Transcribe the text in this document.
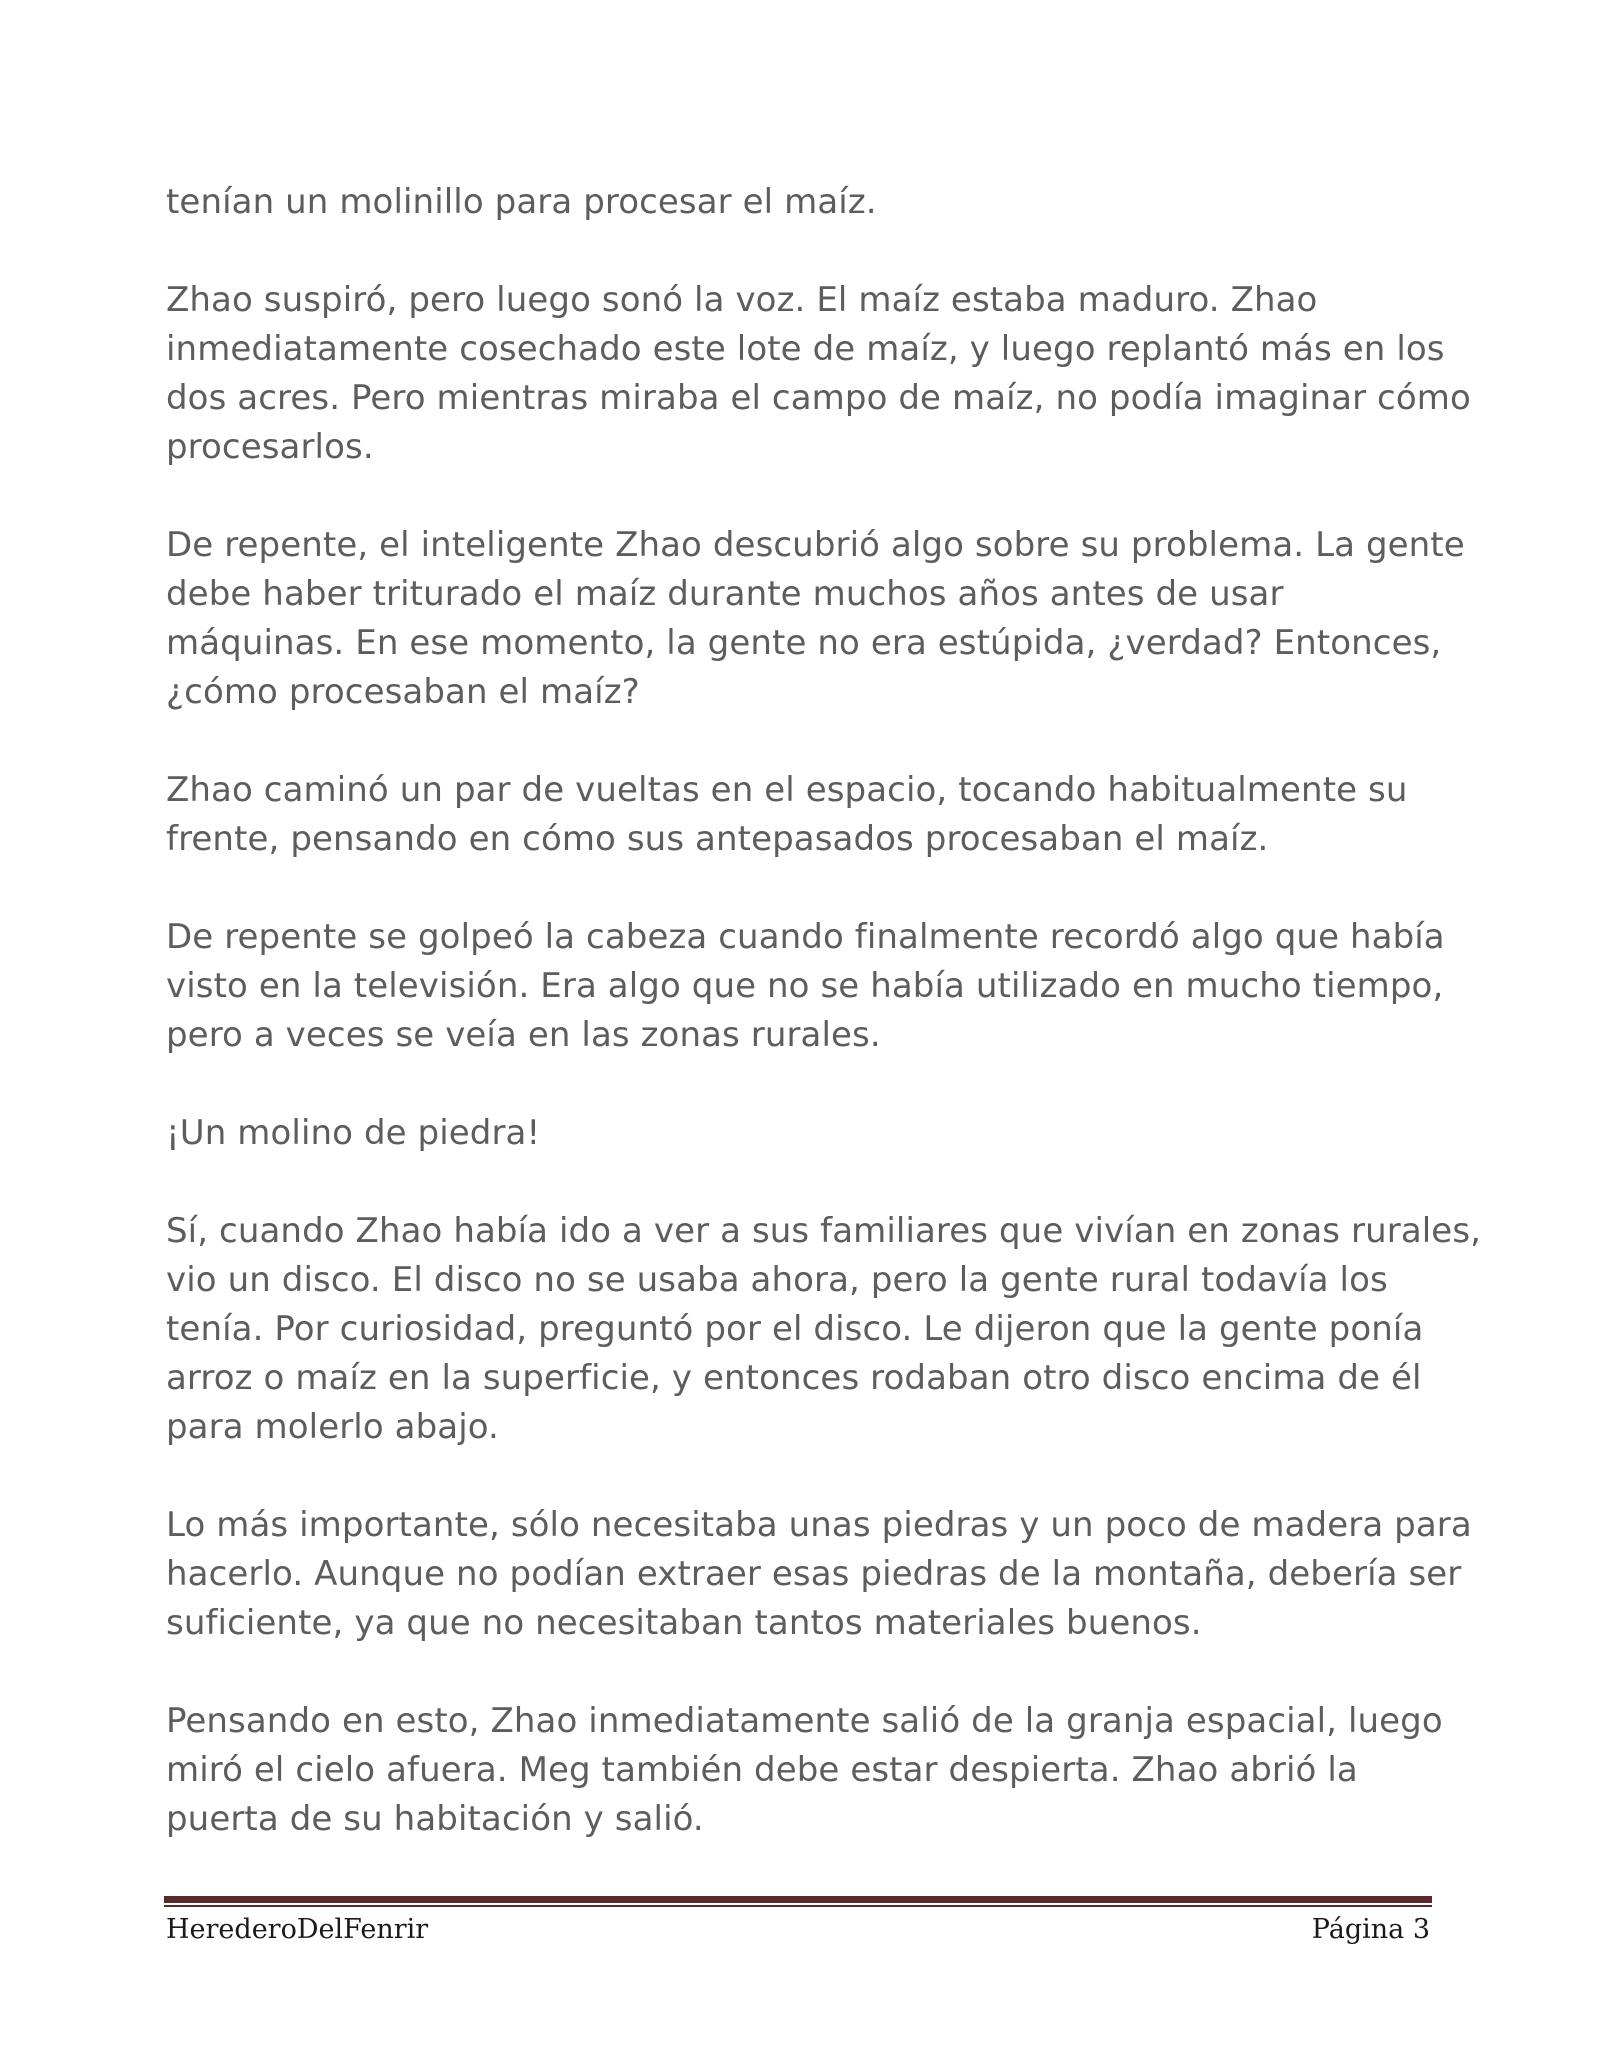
tenían un molinillo para procesar el maíz.

Zhao suspiró, pero luego sonó la voz. El maíz estaba maduro. Zhao
inmediatamente cosechado este lote de maíz, y luego replantó más en los
dos acres. Pero mientras miraba el campo de maíz, no podía imaginar cómo
procesarlos.

De repente, el inteligente Zhao descubrió algo sobre su problema. La gente
debe haber triturado el maíz durante muchos años antes de usar
máquinas. En ese momento, la gente no era estúpida, ¿verdad? Entonces,
¿cómo procesaban el maíz?

Zhao caminó un par de vueltas en el espacio, tocando habitualmente su
frente, pensando en cómo sus antepasados procesaban el maíz.

De repente se golpeó la cabeza cuando finalmente recordó algo que había
visto en la televisión. Era algo que no se había utilizado en mucho tiempo,
pero a veces se veía en las zonas rurales.

¡Un molino de piedra!

Sí, cuando Zhao había ido a ver a sus familiares que vivían en zonas rurales,
vio un disco. El disco no se usaba ahora, pero la gente rural todavía los
tenía. Por curiosidad, preguntó por el disco. Le dijeron que la gente ponía
arroz o maíz en la superficie, y entonces rodaban otro disco encima de él
para molerlo abajo.

Lo más importante, sólo necesitaba unas piedras y un poco de madera para
hacerlo. Aunque no podían extraer esas piedras de la montaña, debería ser
suficiente, ya que no necesitaban tantos materiales buenos.

Pensando en esto, Zhao inmediatamente salió de la granja espacial, luego
miró el cielo afuera. Meg también debe estar despierta. Zhao abrió la
puerta de su habitación y salió.

HerederoDelFenrir	Página 3
